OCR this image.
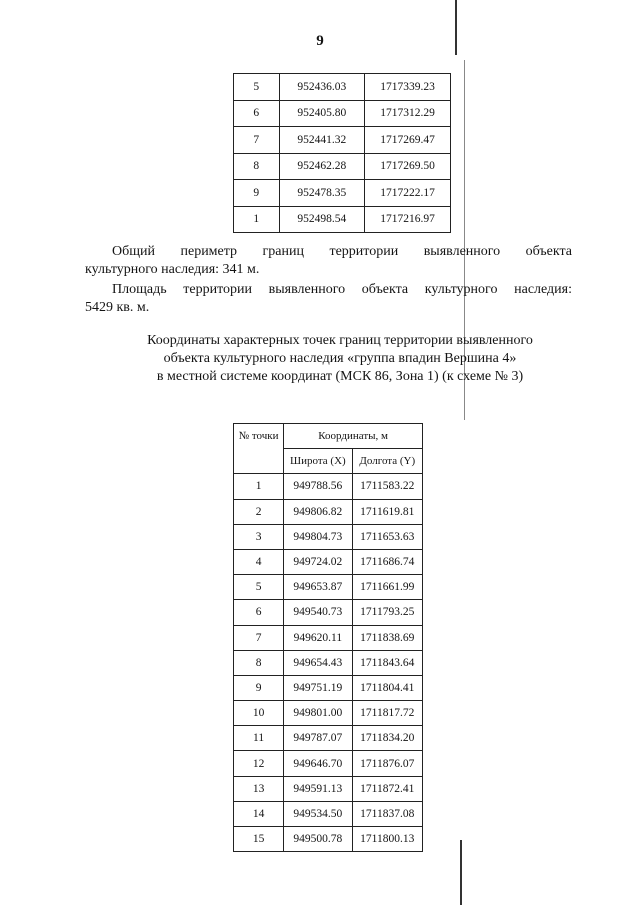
9
5	952436.03	1717339.23
6	952405.80	1717312.29
7	952441.32	1717269.47
8	952462.28	1717269.50
9	952478.35	1717222.17
1	952498.54	1717216.97
Общий периметр границ территории выявленного объекта
культурного наследия: 341 м.
Площадь территории выявленного объекта культурного наследия:
5429 кв. м.
Координаты характерных точек границ территории выявленного
объекта культурного наследия «группа впадин Вершина 4»
в местной системе координат (МСК 86, Зона 1) (к схеме № 3)
№ точки	Координаты, м	
	Широта (X)	Долгота (Y)
1	949788.56	1711583.22
2	949806.82	1711619.81
3	949804.73	1711653.63
4	949724.02	1711686.74
5	949653.87	1711661.99
6	949540.73	1711793.25
7	949620.11	1711838.69
8	949654.43	1711843.64
9	949751.19	1711804.41
10	949801.00	1711817.72
11	949787.07	1711834.20
12	949646.70	1711876.07
13	949591.13	1711872.41
14	949534.50	1711837.08
15	949500.78	1711800.13
